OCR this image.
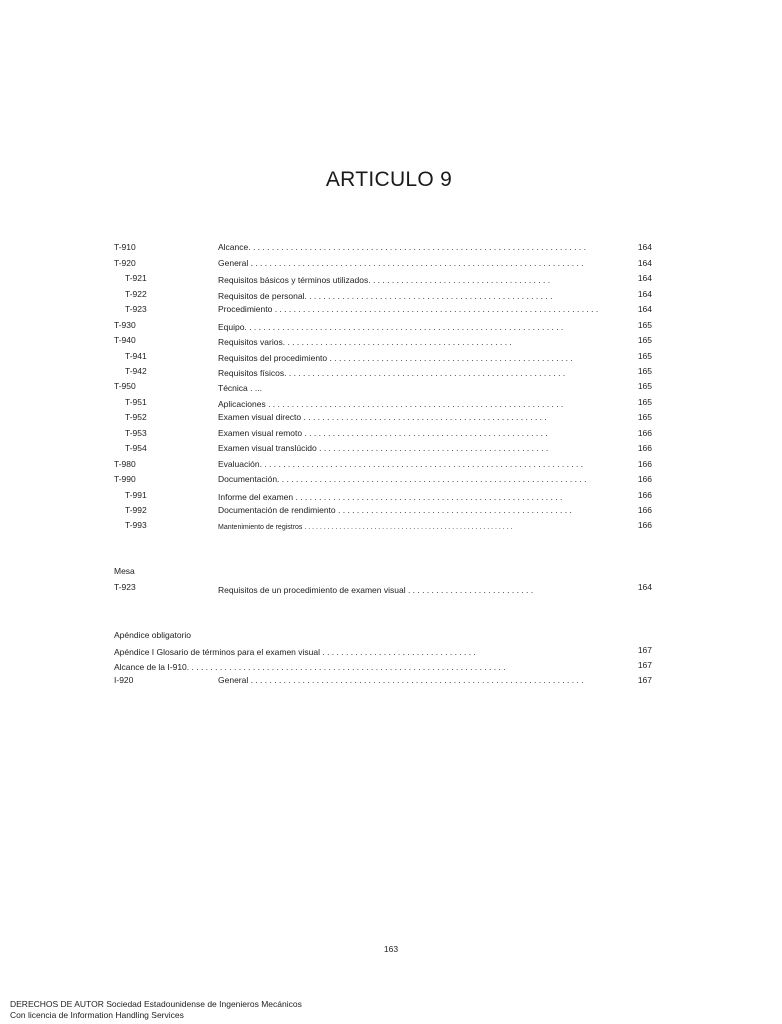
ARTICULO 9
T-910	Alcance. . . . . . . . . . . . . . . . . . . . . . . . . . . . . . . . . . . . . . . . . . . . . . . . . . . . . . . . . . . . . . . . . . . . . . . .	164
T-920	General . . . . . . . . . . . . . . . . . . . . . . . . . . . . . . . . . . . . . . . . . . . . . . . . . . . . . . . . . . . . . . . . . . . . . . .	164
T-921	Requisitos básicos y términos utilizados. . . . . . . . . . . . . . . . . . . . . . . . . . . . . . . . . . . . . . .	164
T-922	Requisitos de personal. . . . . . . . . . . . . . . . . . . . . . . . . . . . . . . . . . . . . . . . . . . . . . . . . . . . .	164
T-923	Procedimiento . . . . . . . . . . . . . . . . . . . . . . . . . . . . . . . . . . . . . . . . . . . . . . . . . . . . . . . . . . . . . . . . . . . . .	164
T-930	Equipo. . . . . . . . . . . . . . . . . . . . . . . . . . . . . . . . . . . . . . . . . . . . . . . . . . . . . . . . . . . . . . . . . . . .	165
T-940	Requisitos varios. . . . . . . . . . . . . . . . . . . . . . . . . . . . . . . . . . . . . . . . . . . . . . . . .	165
T-941	Requisitos del procedimiento . . . . . . . . . . . . . . . . . . . . . . . . . . . . . . . . . . . . . . . . . . . . . . . . . . . .	165
T-942	Requisitos físicos. . . . . . . . . . . . . . . . . . . . . . . . . . . . . . . . . . . . . . . . . . . . . . . . . . . . . . . . . . . .	165
T-950	Técnica . ...	165
T-951	Aplicaciones . . . . . . . . . . . . . . . . . . . . . . . . . . . . . . . . . . . . . . . . . . . . . . . . . . . . . . . . . . . . . . .	165
T-952	Examen visual directo . . . . . . . . . . . . . . . . . . . . . . . . . . . . . . . . . . . . . . . . . . . . . . . . . . . .	165
T-953	Examen visual remoto . . . . . . . . . . . . . . . . . . . . . . . . . . . . . . . . . . . . . . . . . . . . . . . . . . . .	166
T-954	Examen visual translúcido . . . . . . . . . . . . . . . . . . . . . . . . . . . . . . . . . . . . . . . . . . . . . . . . .	166
T-980	Evaluación. . . . . . . . . . . . . . . . . . . . . . . . . . . . . . . . . . . . . . . . . . . . . . . . . . . . . . . . . . . . . . . . . . . . .	166
T-990	Documentación. . . . . . . . . . . . . . . . . . . . . . . . . . . . . . . . . . . . . . . . . . . . . . . . . . . . . . . . . . . . . . . . . .	166
T-991	Informe del examen . . . . . . . . . . . . . . . . . . . . . . . . . . . . . . . . . . . . . . . . . . . . . . . . . . . . . . . . .	166
T-992	Documentación de rendimiento . . . . . . . . . . . . . . . . . . . . . . . . . . . . . . . . . . . . . . . . . . . . . . . . . .	166
T-993	Mantenimiento de registros . . . . . . . . . . . . . . . . . . . . . . . . . . . . . . . . . . . . . . . . . . . . . . . . . . . . . .	166
Mesa
T-923	Requisitos de un procedimiento de examen visual . . . . . . . . . . . . . . . . . . . . . . . . . . .	164
Apéndice obligatorio
Apéndice I Glosario de términos para el examen visual . . . . . . . . . . . . . . . . . . . . . . . . . . . . . . . . .	167
Alcance de la I-910. . . . . . . . . . . . . . . . . . . . . . . . . . . . . . . . . . . . . . . . . . . . . . . . . . . . . . . . . . . . . . . . . . . .	167
I-920	General . . . . . . . . . . . . . . . . . . . . . . . . . . . . . . . . . . . . . . . . . . . . . . . . . . . . . . . . . . . . . . . . . . . . . . .	167
163
DERECHOS DE AUTOR Sociedad Estadounidense de Ingenieros Mecánicos
Con licencia de Information Handling Services
